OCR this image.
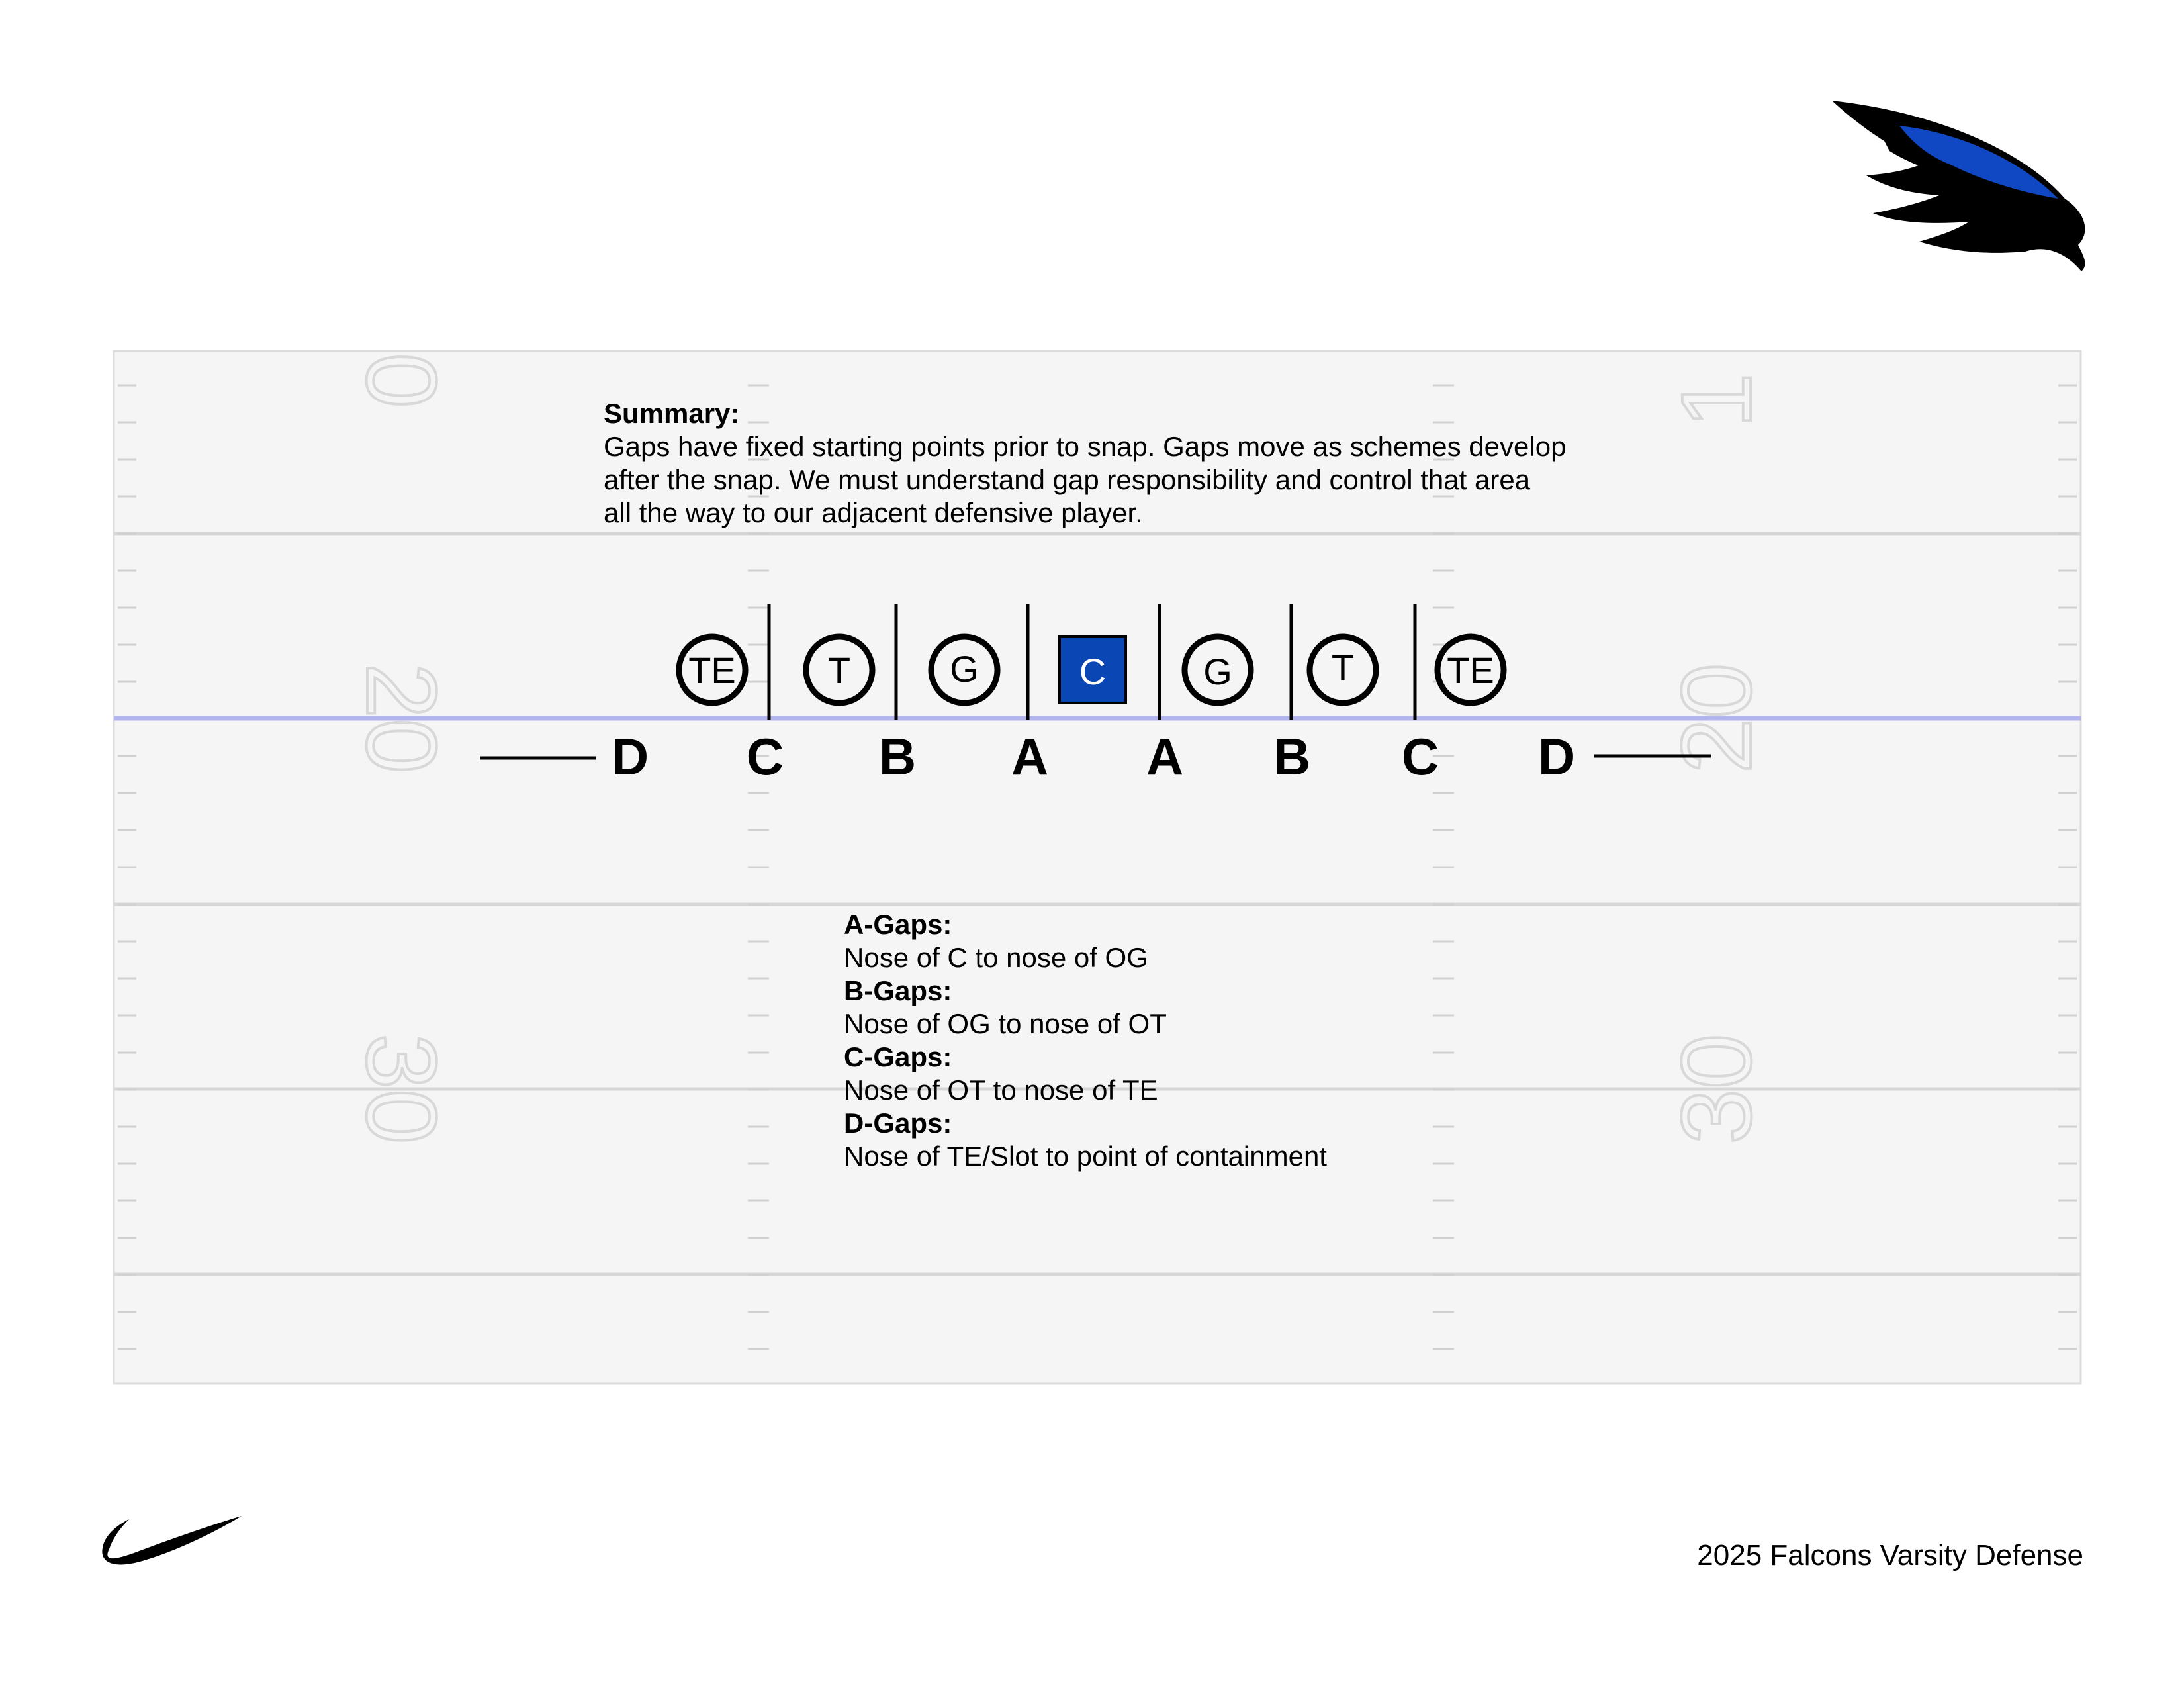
0	1
20	20
30	30
TE T	G	C	G	T	TE
D C B A A B C D
Summary:
Gaps have fixed starting points prior to snap. Gaps move as schemes develop
after the snap. We must understand gap responsibility and control that area
all the way to our adjacent defensive player.
A-Gaps:
Nose of C to nose of OG
B-Gaps:
Nose of OG to nose of OT
C-Gaps:
Nose of OT to nose of TE
D-Gaps:
Nose of TE/Slot to point of containment
2025 Falcons Varsity Defense
